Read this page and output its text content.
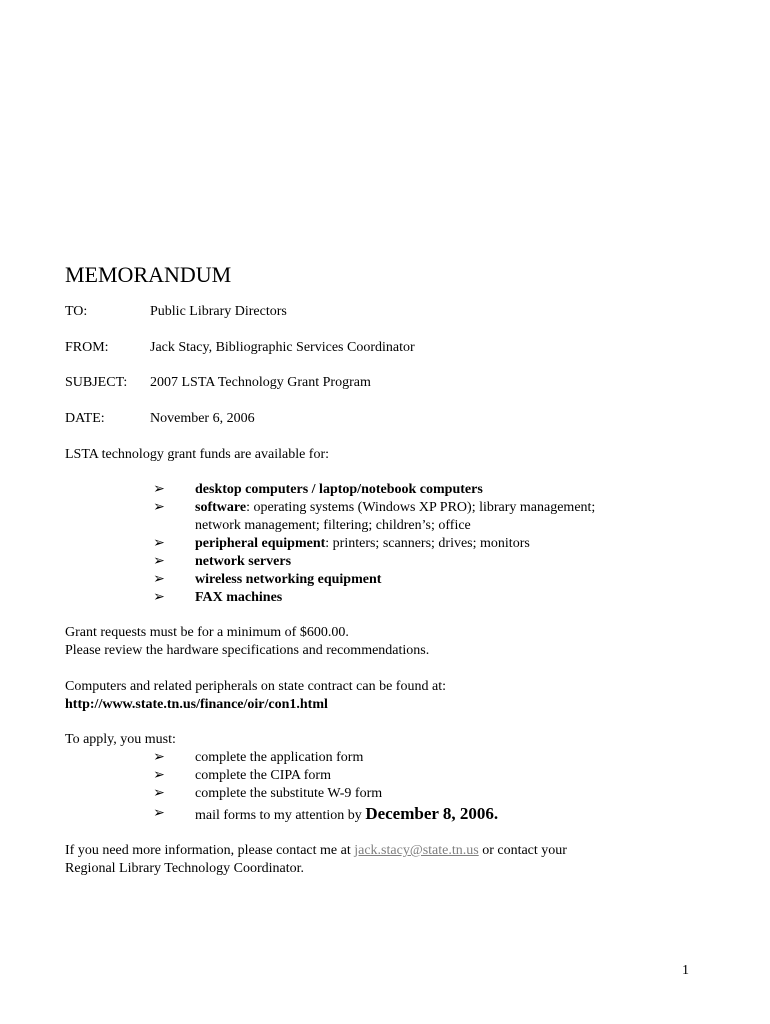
MEMORANDUM
TO:	Public Library Directors
FROM:	Jack Stacy, Bibliographic Services Coordinator
SUBJECT: 2007 LSTA Technology Grant Program
DATE:	November 6, 2006
LSTA technology grant funds are available for:
➢ desktop computers / laptop/notebook computers
➢ software: operating systems (Windows XP PRO); library management;
network management; filtering; children’s; office
➢ peripheral equipment: printers; scanners; drives; monitors
➢ network servers
➢ wireless networking equipment
➢ FAX machines
Grant requests must be for a minimum of $600.00.
Please review the hardware specifications and recommendations.
Computers and related peripherals on state contract can be found at:
http://www.state.tn.us/finance/oir/con1.html
To apply, you must:
➢ complete the application form
➢ complete the CIPA form
➢ complete the substitute W-9 form
➢ mail forms to my attention by December 8, 2006.
If you need more information, please contact me at jack.stacy@state.tn.us or contact your
Regional Library Technology Coordinator.
1
